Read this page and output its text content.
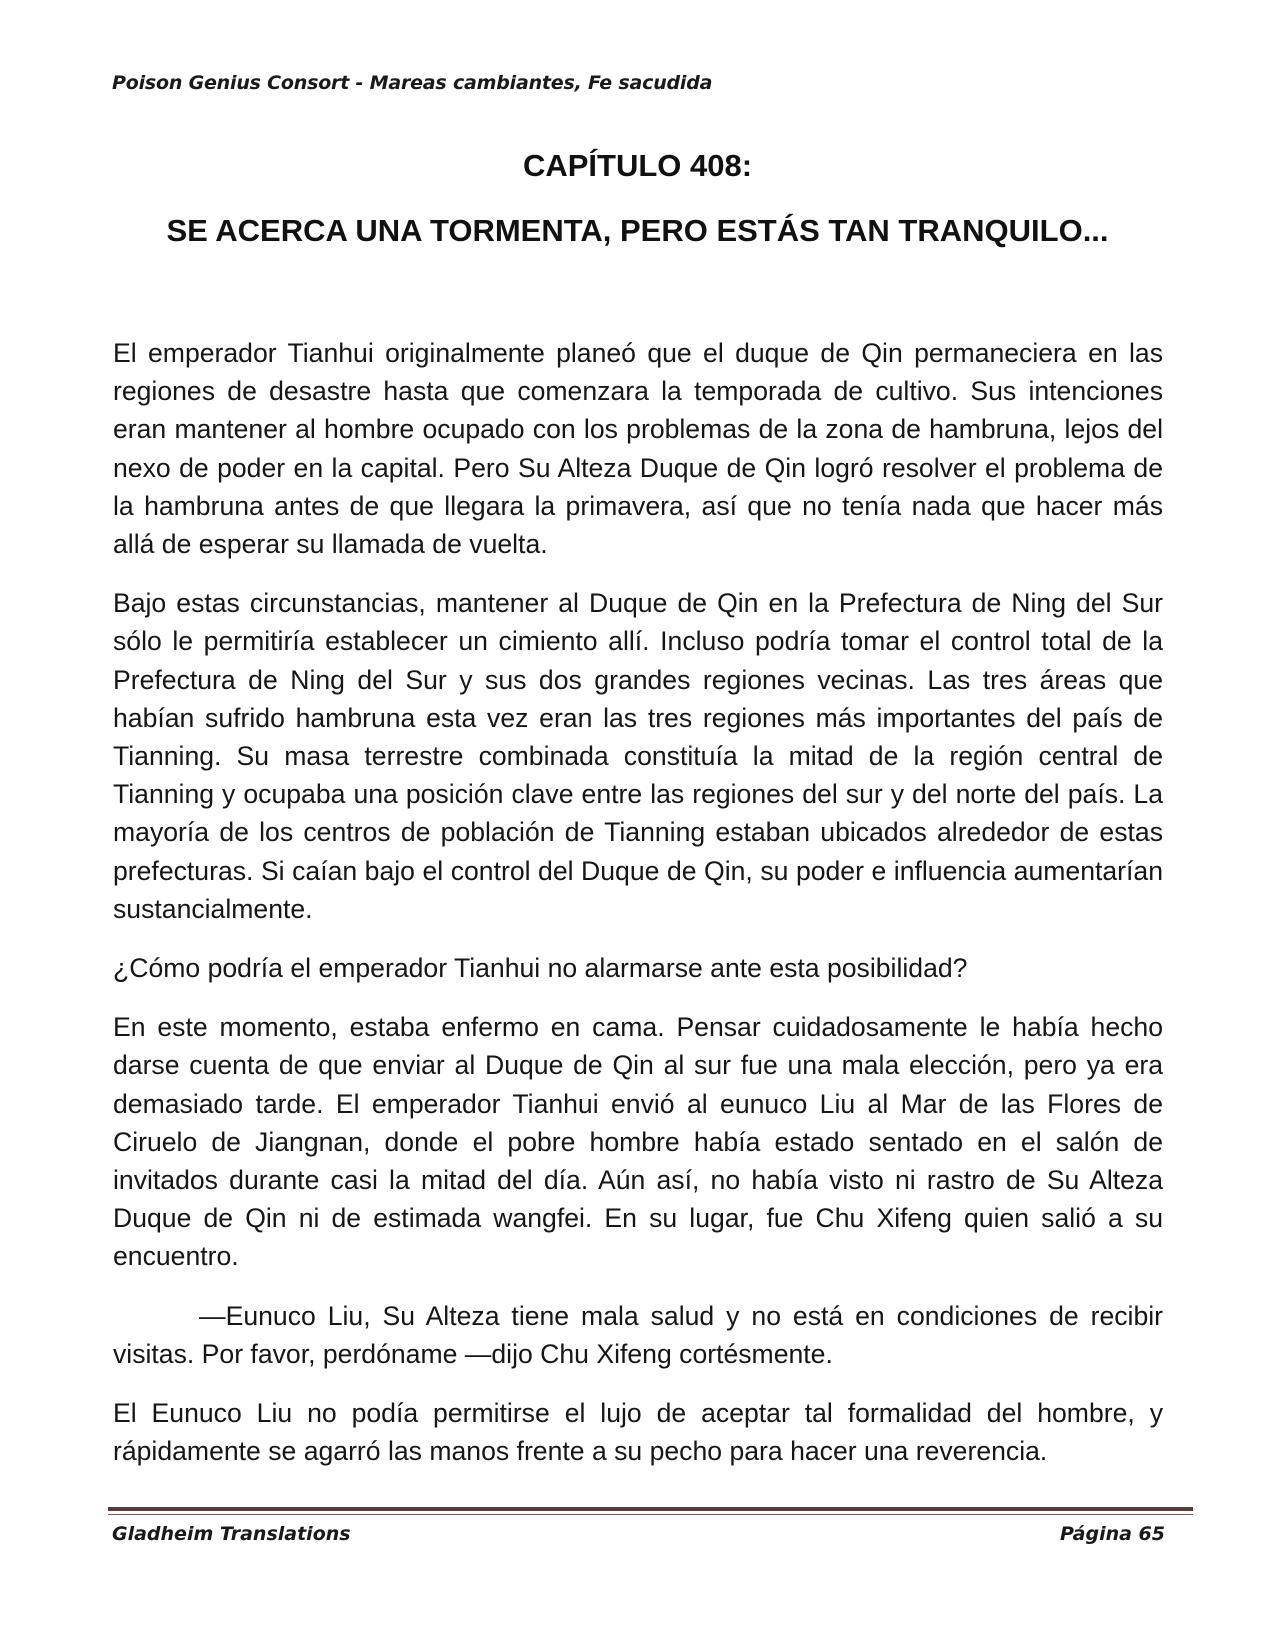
Poison Genius Consort - Mareas cambiantes, Fe sacudida
CAPÍTULO 408:
SE ACERCA UNA TORMENTA, PERO ESTÁS TAN TRANQUILO...

El emperador Tianhui originalmente planeó que el duque de Qin permaneciera en las regiones de desastre hasta que comenzara la temporada de cultivo. Sus intenciones eran mantener al hombre ocupado con los problemas de la zona de hambruna, lejos del nexo de poder en la capital. Pero Su Alteza Duque de Qin logró resolver el problema de la hambruna antes de que llegara la primavera, así que no tenía nada que hacer más allá de esperar su llamada de vuelta.

Bajo estas circunstancias, mantener al Duque de Qin en la Prefectura de Ning del Sur sólo le permitiría establecer un cimiento allí. Incluso podría tomar el control total de la Prefectura de Ning del Sur y sus dos grandes regiones vecinas. Las tres áreas que habían sufrido hambruna esta vez eran las tres regiones más importantes del país de Tianning. Su masa terrestre combinada constituía la mitad de la región central de Tianning y ocupaba una posición clave entre las regiones del sur y del norte del país. La mayoría de los centros de población de Tianning estaban ubicados alrededor de estas prefecturas. Si caían bajo el control del Duque de Qin, su poder e influencia aumentarían sustancialmente.

¿Cómo podría el emperador Tianhui no alarmarse ante esta posibilidad?

En este momento, estaba enfermo en cama. Pensar cuidadosamente le había hecho darse cuenta de que enviar al Duque de Qin al sur fue una mala elección, pero ya era demasiado tarde. El emperador Tianhui envió al eunuco Liu al Mar de las Flores de Ciruelo de Jiangnan, donde el pobre hombre había estado sentado en el salón de invitados durante casi la mitad del día. Aún así, no había visto ni rastro de Su Alteza Duque de Qin ni de estimada wangfei. En su lugar, fue Chu Xifeng quien salió a su encuentro.

—Eunuco Liu, Su Alteza tiene mala salud y no está en condiciones de recibir visitas. Por favor, perdóname —dijo Chu Xifeng cortésmente.

El Eunuco Liu no podía permitirse el lujo de aceptar tal formalidad del hombre, y rápidamente se agarró las manos frente a su pecho para hacer una reverencia.

Gladheim Translations	Página 65
